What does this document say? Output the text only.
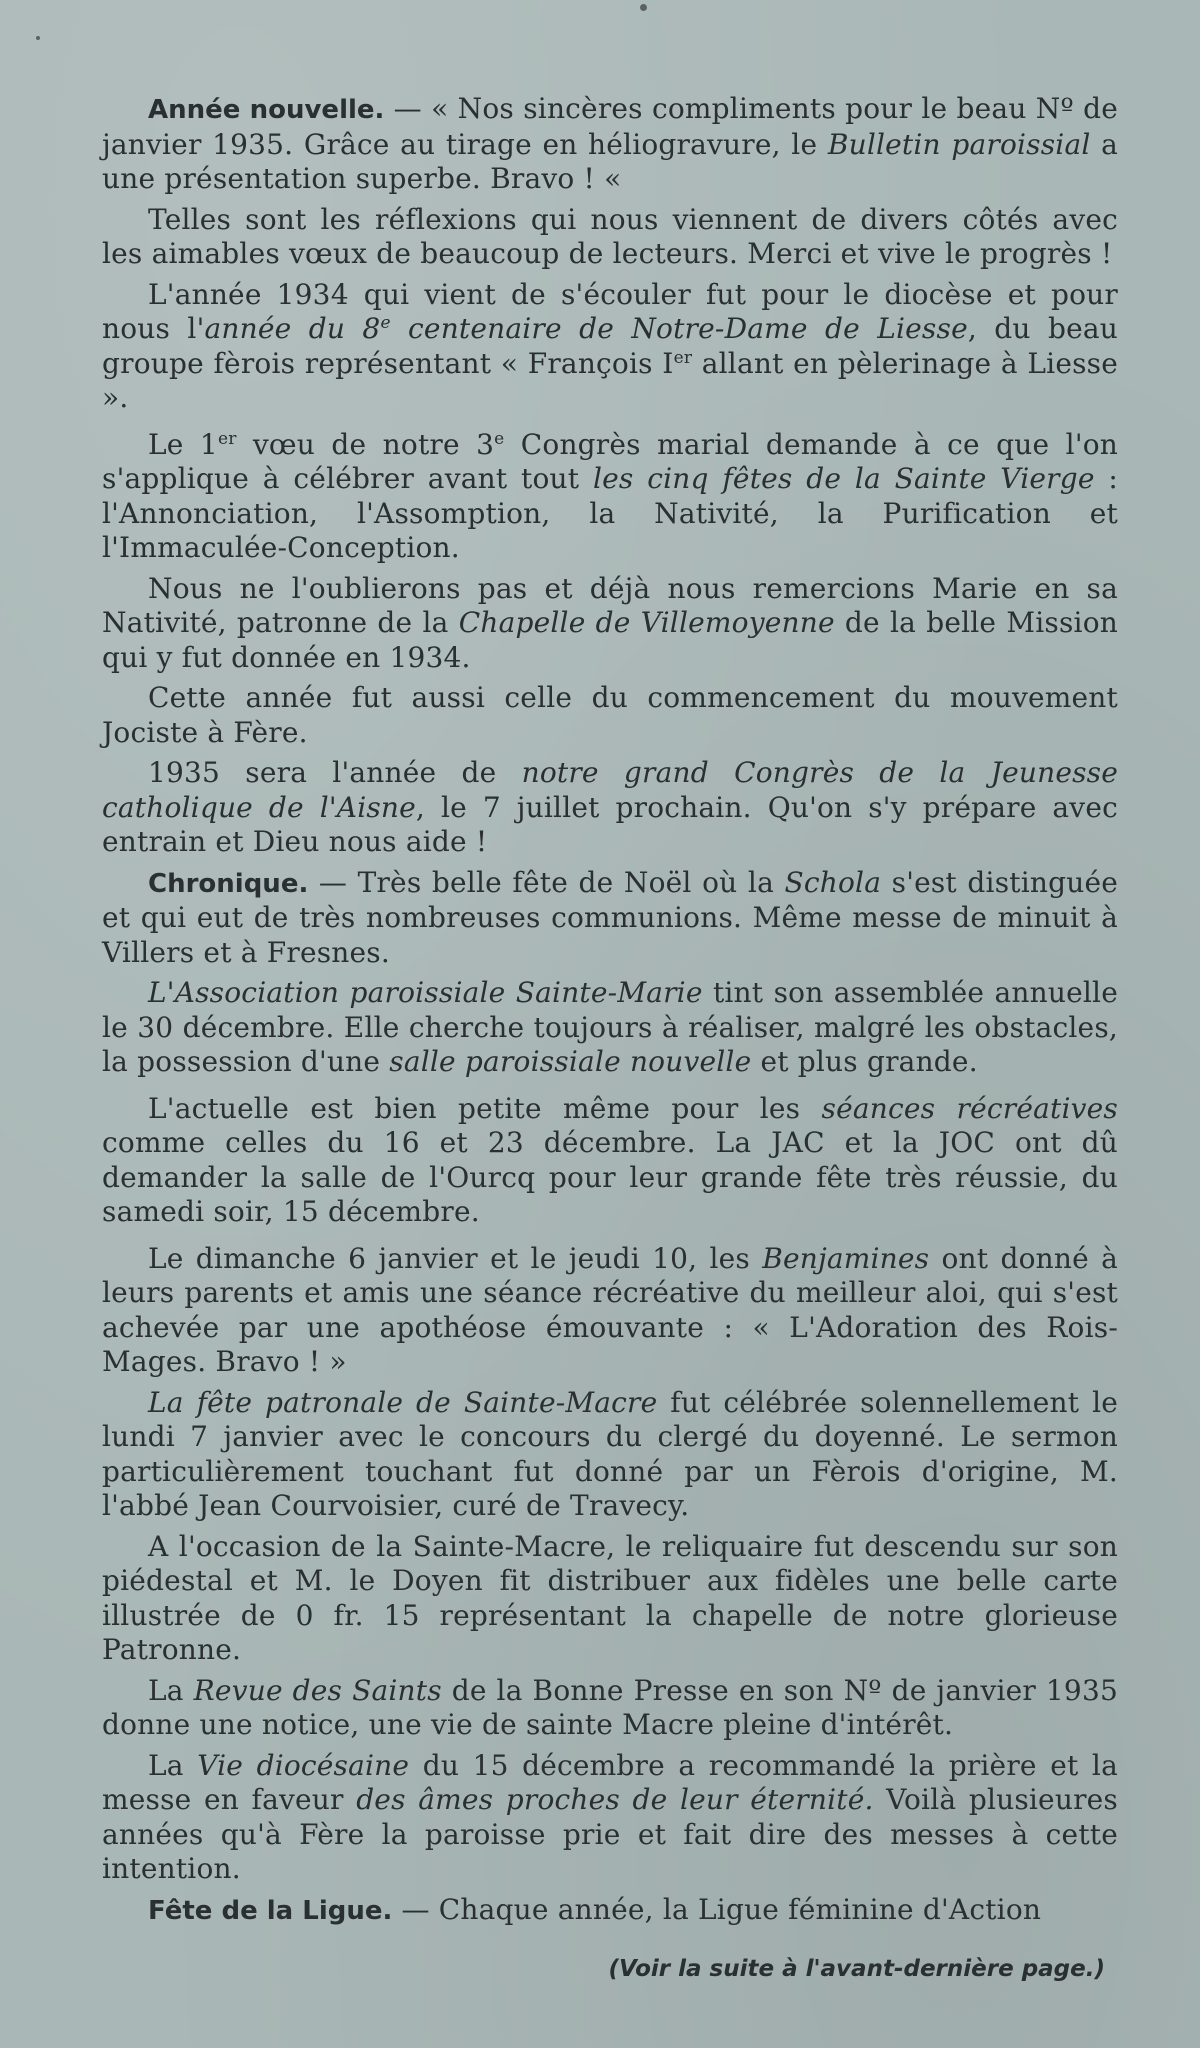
Année nouvelle. — « Nos sincères compliments pour le beau Nº de janvier 1935. Grâce au tirage en héliogravure, le Bulletin paroissial a une présentation superbe. Bravo ! «

Telles sont les réflexions qui nous viennent de divers côtés avec les aimables vœux de beaucoup de lecteurs. Merci et vive le progrès !

L'année 1934 qui vient de s'écouler fut pour le diocèse et pour nous l'année du 8e centenaire de Notre-Dame de Liesse, du beau groupe fèrois représentant « François Ier allant en pèlerinage à Liesse ».

Le 1er vœu de notre 3e Congrès marial demande à ce que l'on s'applique à célébrer avant tout les cinq fêtes de la Sainte Vierge : l'Annonciation, l'Assomption, la Nativité, la Purification et l'Immaculée-Conception.

Nous ne l'oublierons pas et déjà nous remercions Marie en sa Nativité, patronne de la Chapelle de Villemoyenne de la belle Mission qui y fut donnée en 1934.

Cette année fut aussi celle du commencement du mouvement Jociste à Fère.

1935 sera l'année de notre grand Congrès de la Jeunesse catholique de l'Aisne, le 7 juillet prochain. Qu'on s'y prépare avec entrain et Dieu nous aide !

Chronique. — Très belle fête de Noël où la Schola s'est distinguée et qui eut de très nombreuses communions. Même messe de minuit à Villers et à Fresnes.

L'Association paroissiale Sainte-Marie tint son assemblée annuelle le 30 décembre. Elle cherche toujours à réaliser, malgré les obstacles, la possession d'une salle paroissiale nouvelle et plus grande.

L'actuelle est bien petite même pour les séances récréatives comme celles du 16 et 23 décembre. La JAC et la JOC ont dû demander la salle de l'Ourcq pour leur grande fête très réussie, du samedi soir, 15 décembre.

Le dimanche 6 janvier et le jeudi 10, les Benjamines ont donné à leurs parents et amis une séance récréative du meilleur aloi, qui s'est achevée par une apothéose émouvante : « L'Adoration des Rois-Mages. Bravo ! »

La fête patronale de Sainte-Macre fut célébrée solennellement le lundi 7 janvier avec le concours du clergé du doyenné. Le sermon particulièrement touchant fut donné par un Fèrois d'origine, M. l'abbé Jean Courvoisier, curé de Travecy.

A l'occasion de la Sainte-Macre, le reliquaire fut descendu sur son piédestal et M. le Doyen fit distribuer aux fidèles une belle carte illustrée de 0 fr. 15 représentant la chapelle de notre glorieuse Patronne.

La Revue des Saints de la Bonne Presse en son Nº de janvier 1935 donne une notice, une vie de sainte Macre pleine d'intérêt.

La Vie diocésaine du 15 décembre a recommandé la prière et la messe en faveur des âmes proches de leur éternité. Voilà plusieures années qu'à Fère la paroisse prie et fait dire des messes à cette intention.

Fête de la Ligue. — Chaque année, la Ligue féminine d'Action

(Voir la suite à l'avant-dernière page.)
